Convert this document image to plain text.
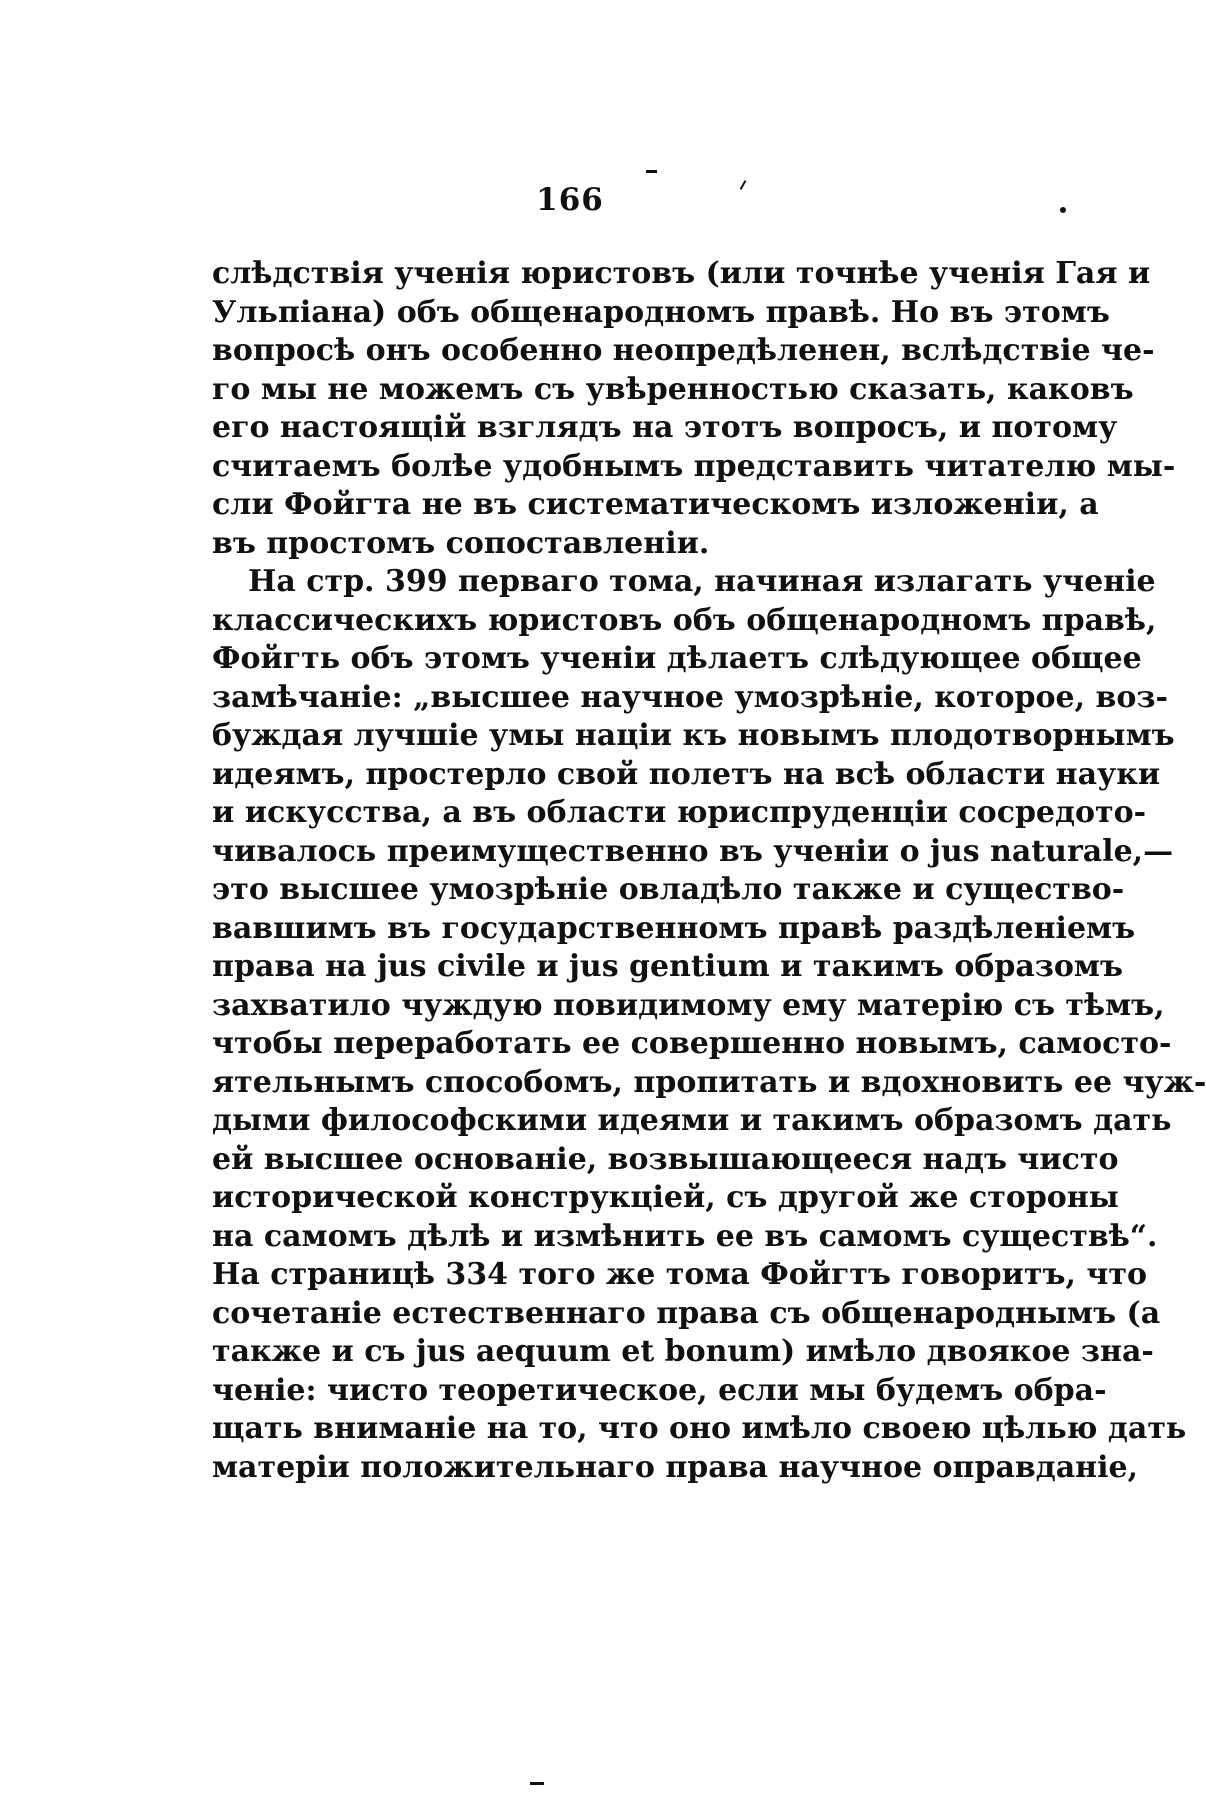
166
слѣдствія ученія юристовъ (или точнѣе ученія Гая и
Ульпіана) объ общенародномъ правѣ. Но въ этомъ
вопросѣ онъ особенно неопредѣленен, вслѣдствіе че-
го мы не можемъ съ увѣренностью сказать, каковъ
его настоящій взглядъ на этотъ вопросъ, и потому
считаемъ болѣе удобнымъ представить читателю мы-
сли Фойгта не въ систематическомъ изложеніи, а
въ простомъ сопоставленіи.
На стр. 399 перваго тома, начиная излагать ученіе
классическихъ юристовъ объ общенародномъ правѣ,
Фойгть объ этомъ ученіи дѣлаетъ слѣдующее общее
замѣчаніе: „высшее научное умозрѣніе, которое, воз-
буждая лучшіе умы націи къ новымъ плодотворнымъ
идеямъ, простерло свой полетъ на всѣ области науки
и искусства, а въ области юриспруденціи сосредото-
чивалось преимущественно въ ученіи о jus naturale,—
это высшее умозрѣніе овладѣло также и существо-
вавшимъ въ государственномъ правѣ раздѣленіемъ
права на jus civile и jus gentium и такимъ образомъ
захватило чуждую повидимому ему матерію съ тѣмъ,
чтобы переработать ее совершенно новымъ, самосто-
ятельнымъ способомъ, пропитать и вдохновить ее чуж-
дыми философскими идеями и такимъ образомъ дать
ей высшее основаніе, возвышающееся надъ чисто
исторической конструкціей, съ другой же стороны
на самомъ дѣлѣ и измѣнить ее въ самомъ существѣ“.
На страницѣ 334 того же тома Фойгтъ говоритъ, что
сочетаніе естественнаго права съ общенароднымъ (а
также и съ jus aequum et bonum) имѣло двоякое зна-
ченіе: чисто теоретическое, если мы будемъ обра-
щать вниманіе на то, что оно имѣло своею цѣлью дать
матеріи положительнаго права научное оправданіе,
